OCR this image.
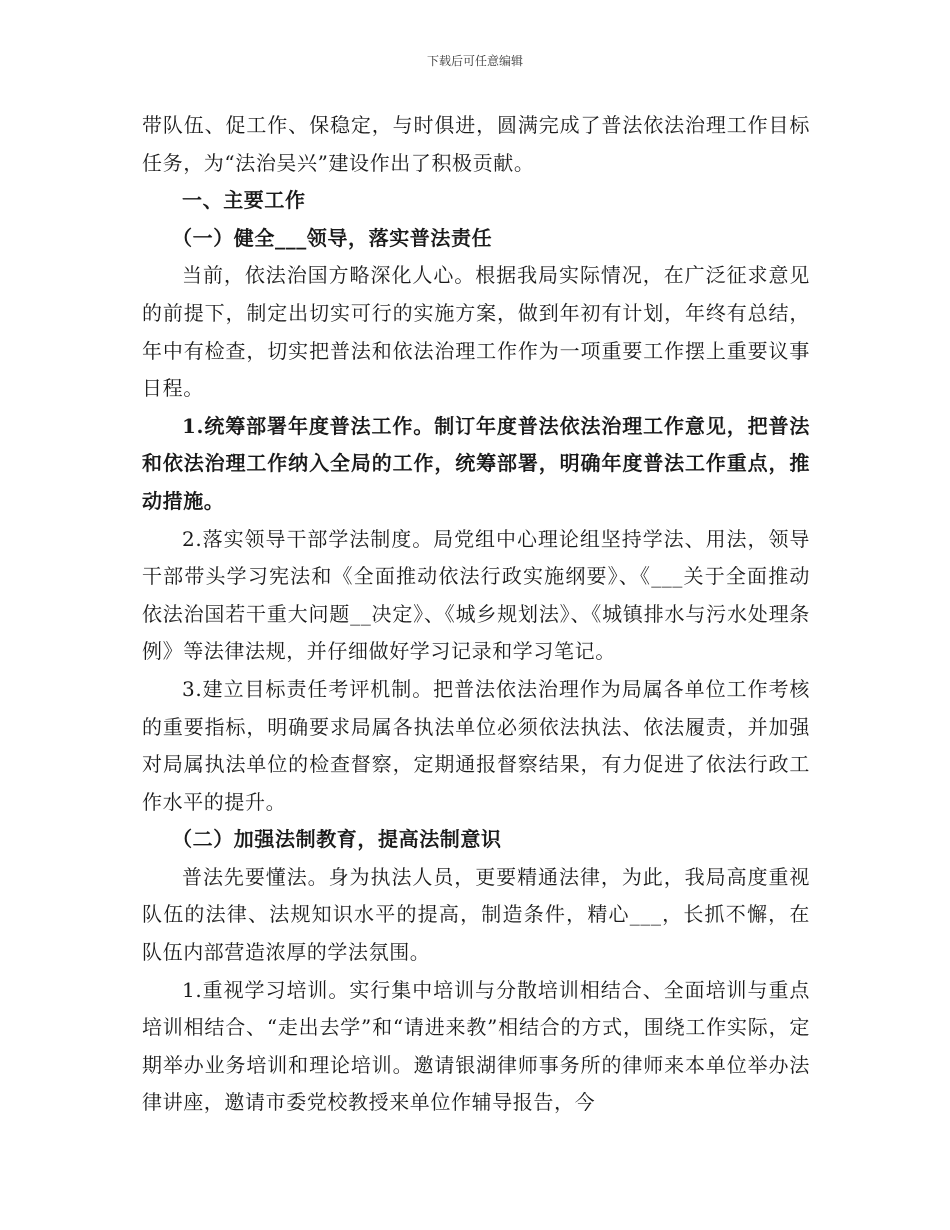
下载后可任意编辑

带队伍、促工作、保稳定，与时俱进，圆满完成了普法依法治理工作目标任务，为“法治吴兴”建设作出了积极贡献。

一、主要工作

（一）健全___领导，落实普法责任

当前，依法治国方略深化人心。根据我局实际情况，在广泛征求意见的前提下，制定出切实可行的实施方案，做到年初有计划，年终有总结，年中有检查，切实把普法和依法治理工作作为一项重要工作摆上重要议事日程。

1.统筹部署年度普法工作。制订年度普法依法治理工作意见，把普法和依法治理工作纳入全局的工作，统筹部署，明确年度普法工作重点，推动措施。

2.落实领导干部学法制度。局党组中心理论组坚持学法、用法，领导干部带头学习宪法和《全面推动依法行政实施纲要》、《___关于全面推动依法治国若干重大问题__决定》、《城乡规划法》、《城镇排水与污水处理条例》等法律法规，并仔细做好学习记录和学习笔记。

3.建立目标责任考评机制。把普法依法治理作为局属各单位工作考核的重要指标，明确要求局属各执法单位必须依法执法、依法履责，并加强对局属执法单位的检查督察，定期通报督察结果，有力促进了依法行政工作水平的提升。

（二）加强法制教育，提高法制意识

普法先要懂法。身为执法人员，更要精通法律，为此，我局高度重视队伍的法律、法规知识水平的提高，制造条件，精心___，长抓不懈，在队伍内部营造浓厚的学法氛围。

1.重视学习培训。实行集中培训与分散培训相结合、全面培训与重点培训相结合、“走出去学”和“请进来教”相结合的方式，围绕工作实际，定期举办业务培训和理论培训。邀请银湖律师事务所的律师来本单位举办法律讲座，邀请市委党校教授来单位作辅导报告，今
